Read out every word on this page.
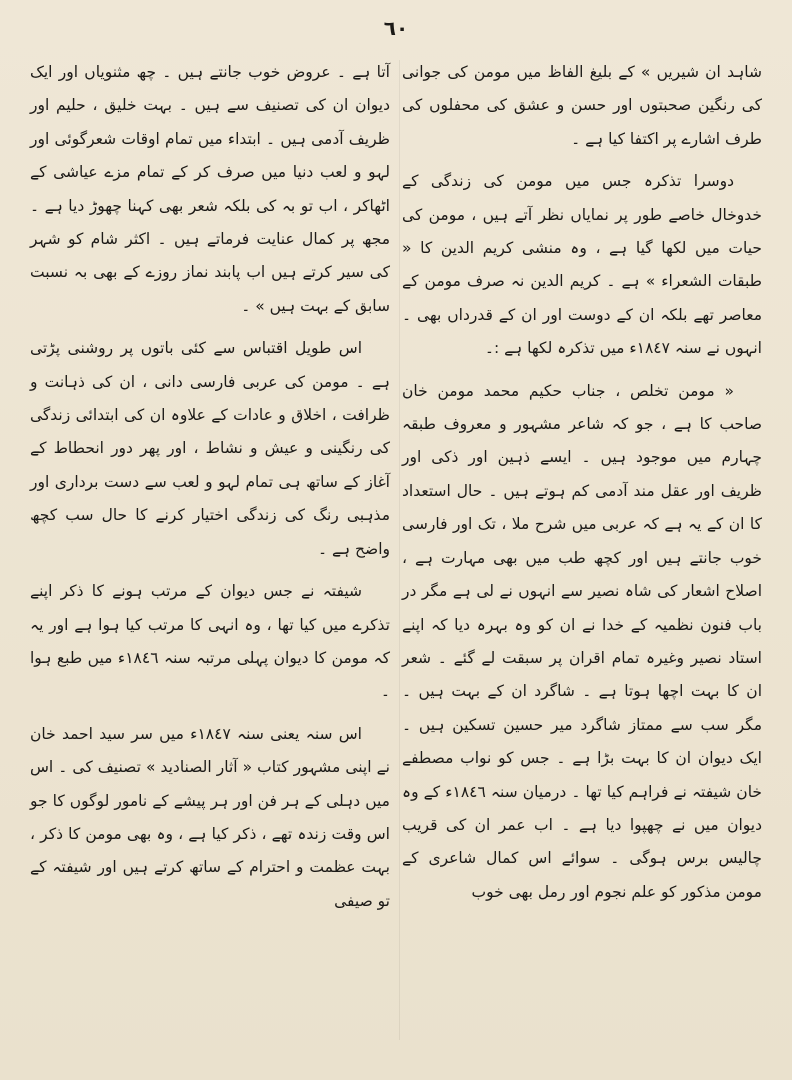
٦٠

شاہد ان شیریں » کے بلیغ الفاظ میں مومن کی جوانی کی رنگین صحبتوں اور حسن و عشق کی محفلوں کی طرف اشارے پر اکتفا کیا ہے ۔

دوسرا تذکرہ جس میں مومن کی زندگی کے خدوخال خاصے طور پر نمایاں نظر آتے ہیں ، مومن کی حیات میں لکھا گیا ہے ، وہ منشی کریم الدین کا « طبقات الشعراء » ہے ۔ کریم الدین نہ صرف مومن کے معاصر تھے بلکہ ان کے دوست اور ان کے قدرداں بھی ۔ انہوں نے سنہ ١٨٤٧ء میں تذکرہ لکھا ہے :۔

« مومن تخلص ، جناب حکیم محمد مومن خان صاحب کا ہے ، جو کہ شاعر مشہور و معروف طبقہ چہارم میں موجود ہیں ۔ ایسے ذہین اور ذکی اور ظریف اور عقل مند آدمی کم ہوتے ہیں ۔ حال استعداد کا ان کے یہ ہے کہ عربی میں شرح ملا ، تک اور فارسی خوب جانتے ہیں اور کچھ طب میں بھی مہارت ہے ، اصلاح اشعار کی شاہ نصیر سے انہوں نے لی ہے مگر در باب فنون نظمیہ کے خدا نے ان کو وہ بہرہ دیا کہ اپنے استاد نصیر وغیرہ تمام اقران پر سبقت لے گئے ۔ شعر ان کا بہت اچھا ہوتا ہے ۔ شاگرد ان کے بہت ہیں ۔ مگر سب سے ممتاز شاگرد میر حسین تسکین ہیں ۔ ایک دیوان ان کا بہت بڑا ہے ۔ جس کو نواب مصطفے خان شیفتہ نے فراہم کیا تھا ۔ درمیان سنہ ١٨٤٦ء کے وہ دیوان میں نے چھپوا دیا ہے ۔ اب عمر ان کی قریب چالیس برس ہوگی ۔ سوائے اس کمال شاعری کے مومن مذکور کو علم نجوم اور رمل بھی خوب

آتا ہے ۔ عروض خوب جانتے ہیں ۔ چھ مثنویاں اور ایک دیوان ان کی تصنیف سے ہیں ۔ بہت خلیق ، حلیم اور ظریف آدمی ہیں ۔ ابتداء میں تمام اوقات شعرگوئی اور لہو و لعب دنیا میں صرف کر کے تمام مزے عیاشی کے اٹھاکر ، اب تو بہ کی بلکہ شعر بھی کہنا چھوڑ دیا ہے ۔ مجھ پر کمال عنایت فرماتے ہیں ۔ اکثر شام کو شہر کی سیر کرتے ہیں اب پابند نماز روزے کے بھی بہ نسبت سابق کے بہت ہیں » ۔

اس طویل اقتباس سے کئی باتوں پر روشنی پڑتی ہے ۔ مومن کی عربی فارسی دانی ، ان کی ذہانت و ظرافت ، اخلاق و عادات کے علاوہ ان کی ابتدائی زندگی کی رنگینی و عیش و نشاط ، اور پھر دور انحطاط کے آغاز کے ساتھ ہی تمام لہو و لعب سے دست برداری اور مذہبی رنگ کی زندگی اختیار کرنے کا حال سب کچھ واضح ہے ۔

شیفتہ نے جس دیوان کے مرتب ہونے کا ذکر اپنے تذکرے میں کیا تھا ، وہ انہی کا مرتب کیا ہوا ہے اور یہ کہ مومن کا دیوان پہلی مرتبہ سنہ ١٨٤٦ء میں طبع ہوا ۔

اس سنہ یعنی سنہ ١٨٤٧ء میں سر سید احمد خان نے اپنی مشہور کتاب « آثار الصنادید » تصنیف کی ۔ اس میں دہلی کے ہر فن اور ہر پیشے کے نامور لوگوں کا جو اس وقت زندہ تھے ، ذکر کیا ہے ، وہ بھی مومن کا ذکر ، بہت عظمت و احترام کے ساتھ کرتے ہیں اور شیفتہ کے تو صیفی
